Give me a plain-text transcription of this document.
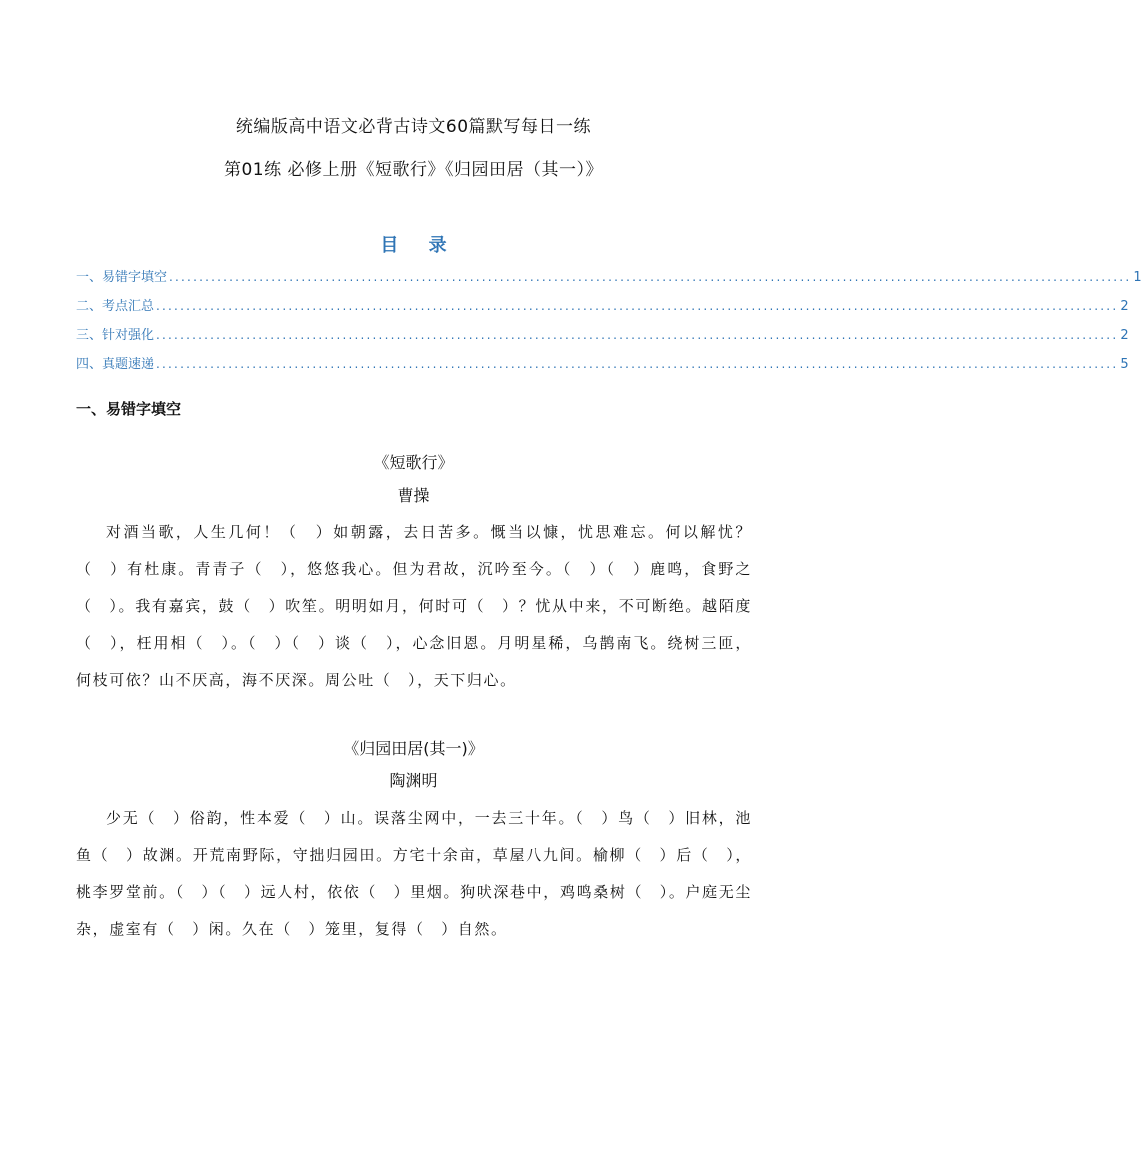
统编版高中语文必背古诗文60篇默写每日一练
第01练 必修上册《短歌行》《归园田居（其一）》
目 录
一、易错字填空 ................................................................................................................................................................ 1
二、考点汇总 ................................................................................................................................................................ 2
三、针对强化 ................................................................................................................................................................ 2
四、真题速递 ................................................................................................................................................................ 5
一、易错字填空
《短歌行》
曹操
对酒当歌，人生几何！（　）如朝露，去日苦多。慨当以慷，忧思难忘。何以解忧？（　）有杜康。青青子（　），悠悠我心。但为君故，沉吟至今。（　）（　）鹿鸣，食野之（　）。我有嘉宾，鼓（　）吹笙。明明如月，何时可（　）？忧从中来，不可断绝。越陌度（　），枉用相（　）。（　）（　）谈（　），心念旧恩。月明星稀，乌鹊南飞。绕树三匝，何枝可依？山不厌高，海不厌深。周公吐（　），天下归心。
《归园田居(其一)》
陶渊明
少无（　）俗韵，性本爱（　）山。误落尘网中，一去三十年。（　）鸟（　）旧林，池鱼（　）故渊。开荒南野际，守拙归园田。方宅十余亩，草屋八九间。榆柳（　）后（　），桃李罗堂前。（　）（　）远人村，依依（　）里烟。狗吠深巷中，鸡鸣桑树（　）。户庭无尘杂，虚室有（　）闲。久在（　）笼里，复得（　）自然。
